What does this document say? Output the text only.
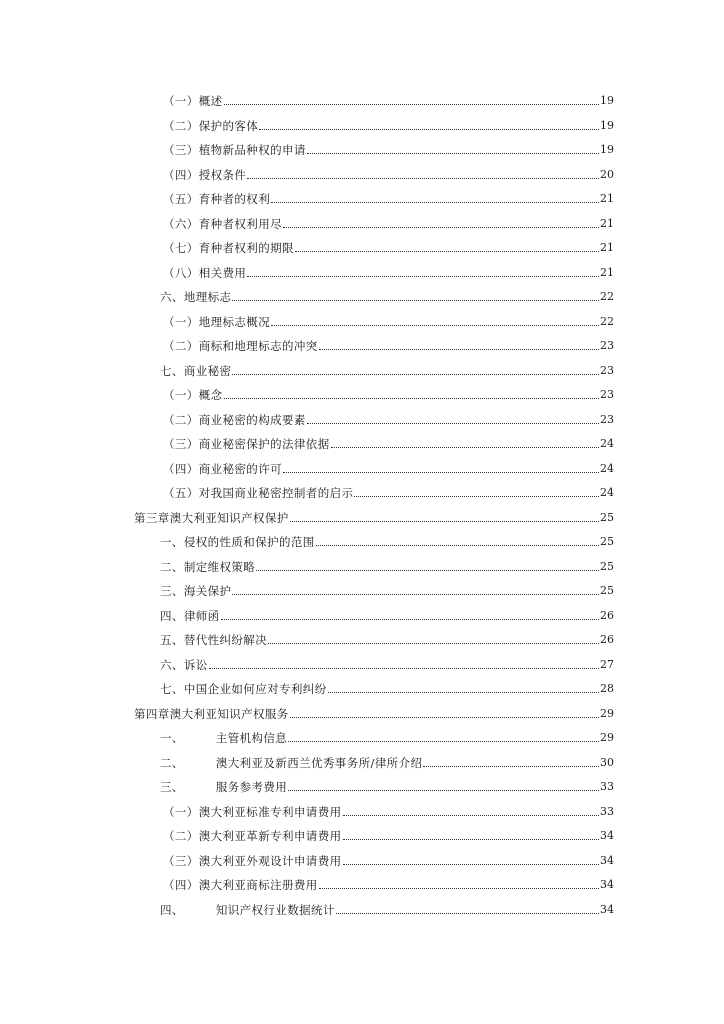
（一）概述	19
（二）保护的客体	19
（三）植物新品种权的申请	19
（四）授权条件	20
（五）育种者的权利	21
（六）育种者权利用尽	21
（七）育种者权利的期限	21
（八）相关费用	21
六、地理标志	22
（一）地理标志概况	22
（二）商标和地理标志的冲突	23
七、商业秘密	23
（一）概念	23
（二）商业秘密的构成要素	23
（三）商业秘密保护的法律依据	24
（四）商业秘密的许可	24
（五）对我国商业秘密控制者的启示	24
第三章澳大利亚知识产权保护	25
一、侵权的性质和保护的范围	25
二、制定维权策略	25
三、海关保护	25
四、律师函	26
五、替代性纠纷解决	26
六、诉讼	27
七、中国企业如何应对专利纠纷	28
第四章澳大利亚知识产权服务	29
一、	主管机构信息	29
二、	澳大利亚及新西兰优秀事务所/律所介绍	30
三、	服务参考费用	33
（一）澳大利亚标准专利申请费用	33
（二）澳大利亚革新专利申请费用	34
（三）澳大利亚外观设计申请费用	34
（四）澳大利亚商标注册费用	34
四、	知识产权行业数据统计	34
